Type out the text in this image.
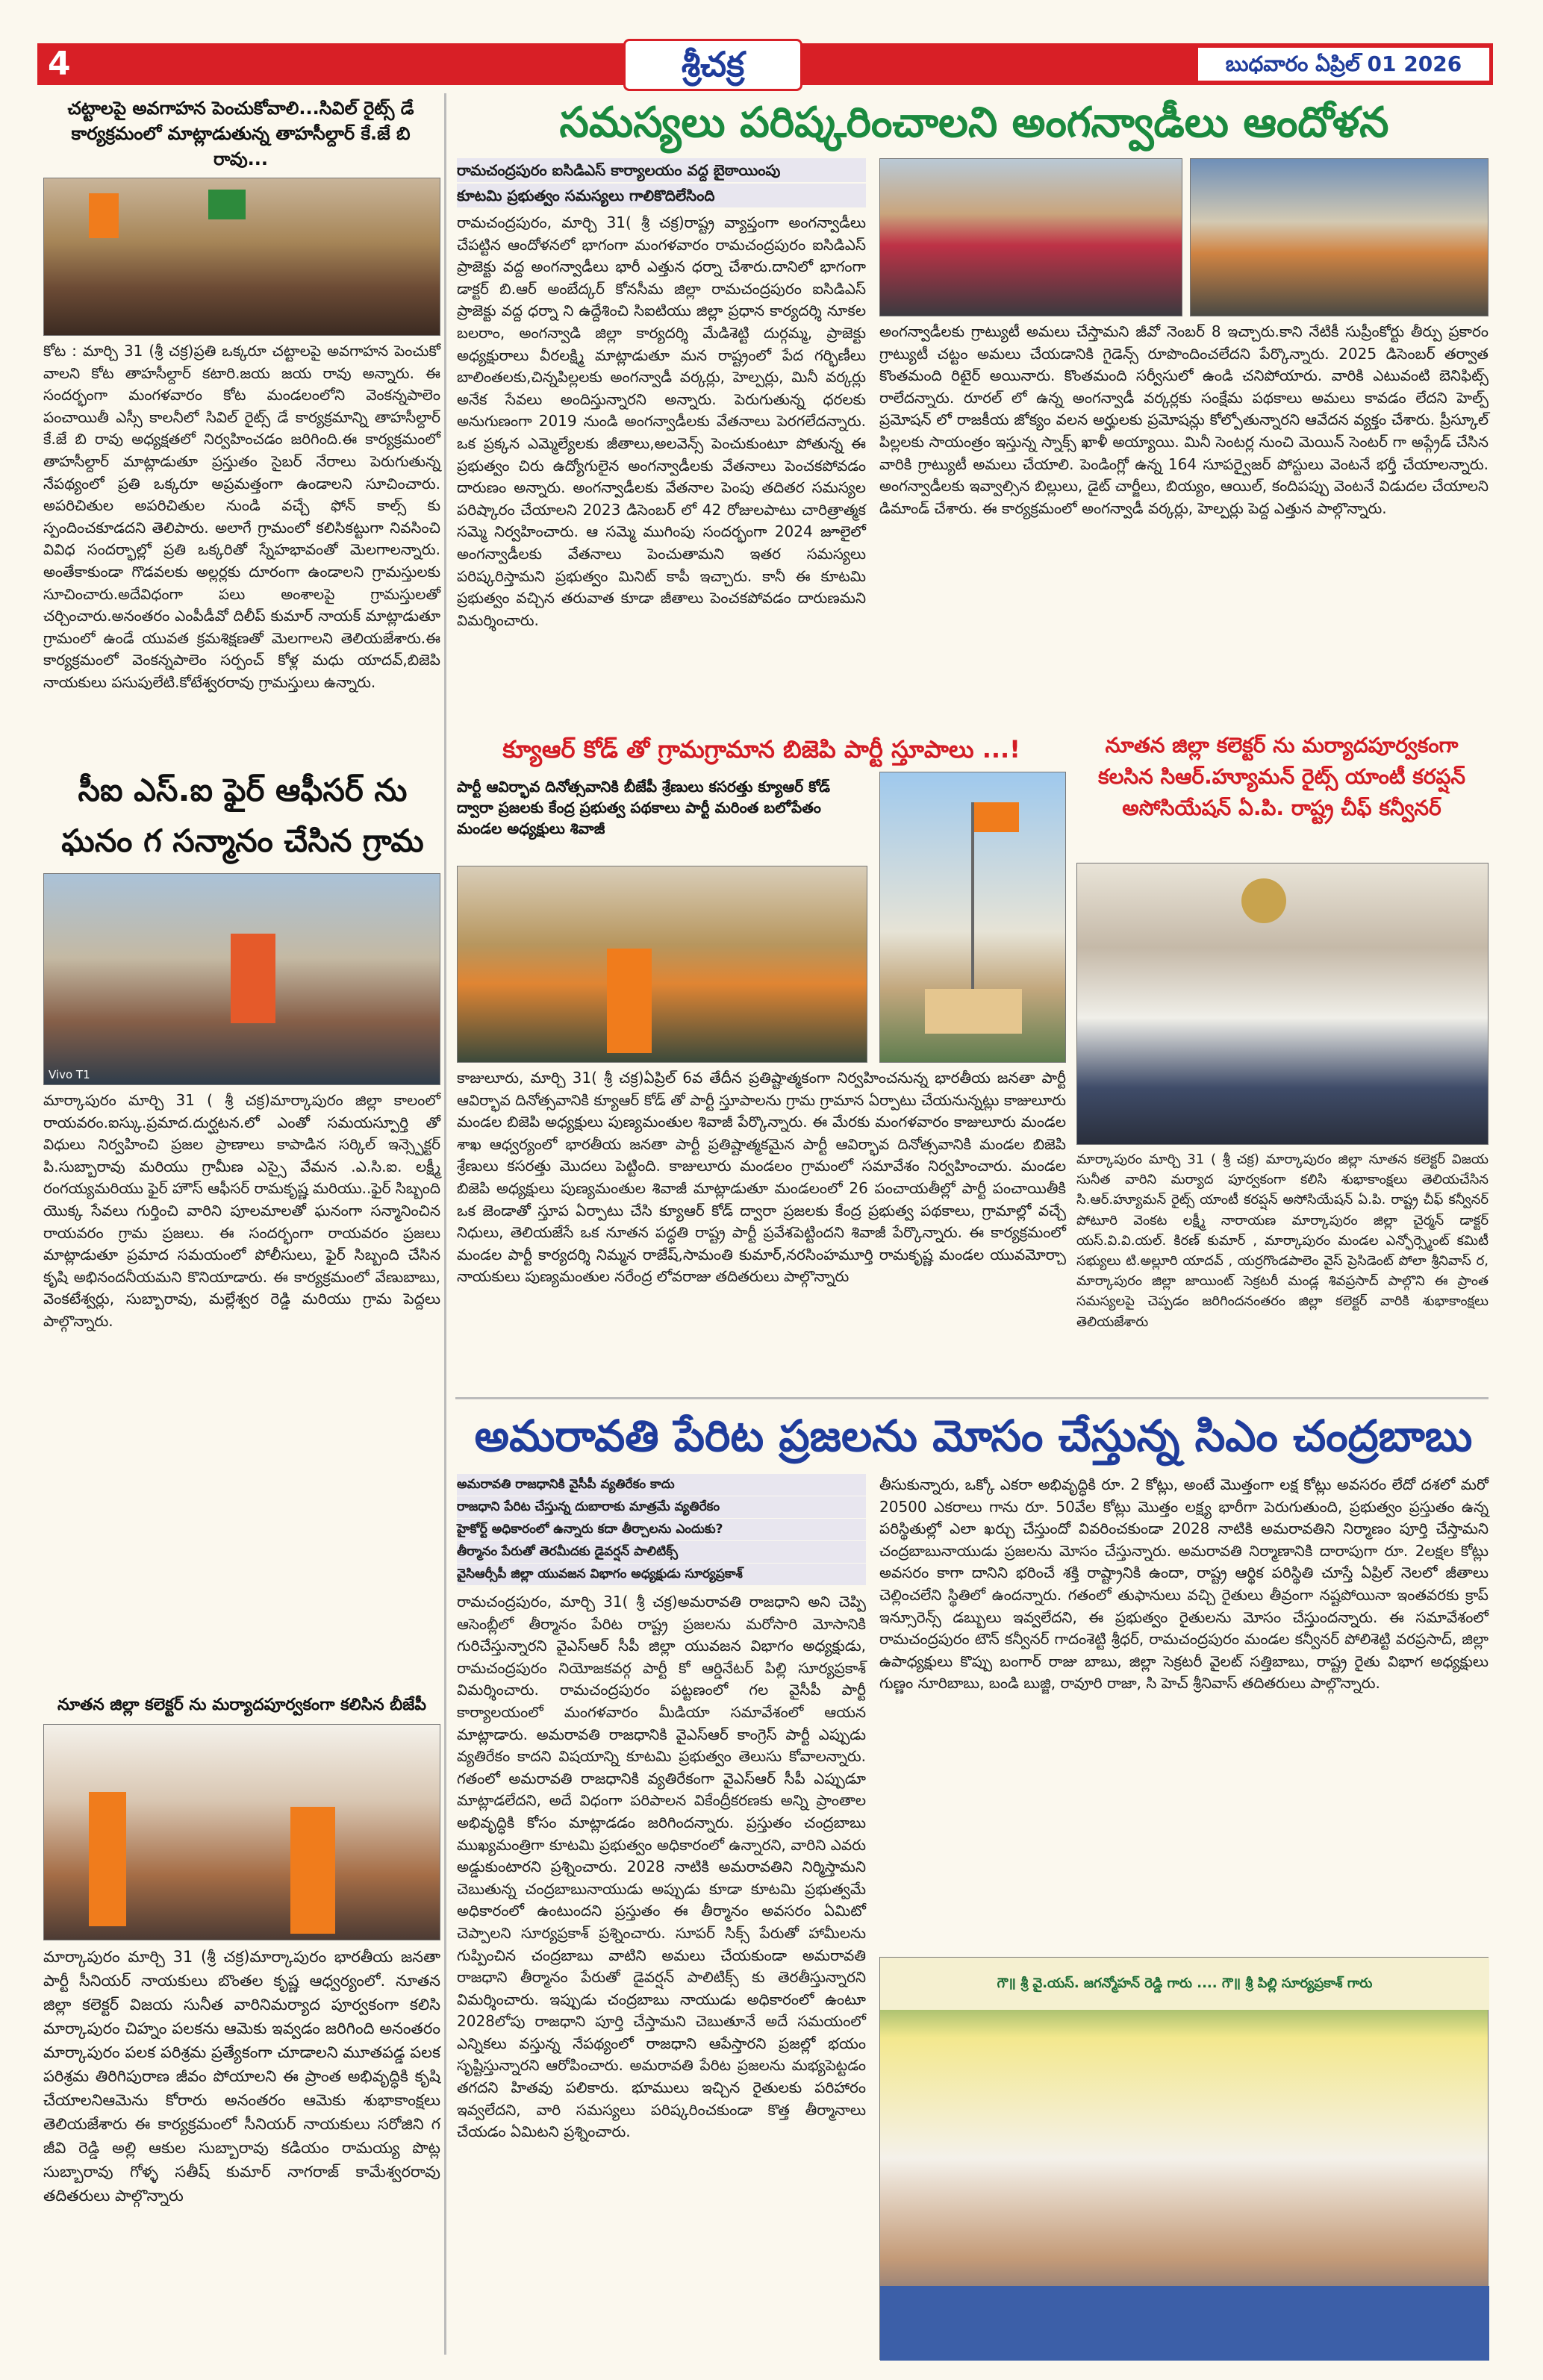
4	శ్రీచక్ర	బుధవారం ఏప్రిల్ 01 2026
చట్టాలపై అవగాహన పెంచుకోవాలి...సివిల్ రైట్స్ డే కార్యక్రమంలో మాట్లాడుతున్న తాహసీల్దార్ కే.జే బి రావు...
కోట : మార్చి 31 (శ్రీ చక్ర)ప్రతి ఒక్కరూ చట్టాలపై అవగాహన పెంచుకో వాలని కోట తాహసీల్దార్ కటారి.జయ జయ రావు అన్నారు. ఈ సందర్భంగా మంగళవారం కోట మండలంలోని వెంకన్నపాలెం పంచాయితీ ఎస్సీ కాలనీలో సివిల్ రైట్స్ డే కార్యక్రమాన్ని తాహసీల్దార్ కే.జే బి రావు అధ్యక్షతలో నిర్వహించడం జరిగింది.ఈ కార్యక్రమంలో తాహసీల్దార్ మాట్లాడుతూ ప్రస్తుతం సైబర్ నేరాలు పెరుగుతున్న నేపథ్యంలో ప్రతి ఒక్కరూ అప్రమత్తంగా ఉండాలని సూచించారు. అపరిచితుల అపరిచితుల నుండి వచ్చే ఫోన్ కాల్స్ కు స్పందించకూడదని తెలిపారు. అలాగే గ్రామంలో కలిసికట్టుగా నివసించి వివిధ సందర్భాల్లో ప్రతి ఒక్కరితో స్నేహభావంతో మెలగాలన్నారు. అంతేకాకుండా గొడవలకు అల్లర్లకు దూరంగా ఉండాలని గ్రామస్తులకు సూచించారు.అదేవిధంగా పలు అంశాలపై గ్రామస్తులతో చర్చించారు.అనంతరం ఎంపీడీవో దిలీప్ కుమార్ నాయక్ మాట్లాడుతూ గ్రామంలో ఉండే యువత క్రమశిక్షణతో మెలగాలని తెలియజేశారు.ఈ కార్యక్రమంలో వెంకన్నపాలెం సర్పంచ్ కోళ్ల మధు యాదవ్,బిజెపి నాయకులు పసుపులేటి.కోటేశ్వరరావు గ్రామస్తులు ఉన్నారు.
సీఐ ఎస్.ఐ ఫైర్ ఆఫీసర్ ను ఘనం గ సన్మానం చేసిన గ్రామ
Vivo T1
మార్కాపురం మార్చి 31 ( శ్రీ చక్ర)మార్కాపురం జిల్లా కాలంలో రాయవరం.ఐస్కు.ప్రమాద.దుర్ఘటన.లో ఎంతో సమయస్పూర్తి తో విధులు నిర్వహించి ప్రజల ప్రాణాలు కాపాడిన సర్కిల్ ఇన్స్పెక్టర్ పి.సుబ్బారావు మరియు గ్రామీణ ఎస్సై వేమన .ఎ.సి.ఐ. లక్ష్మీ రంగయ్యమరియు ఫైర్ హౌస్ ఆఫీసర్ రామకృష్ణ మరియు..ఫైర్ సిబ్బంది యొక్క సేవలు గుర్తించి వారిని పూలమాలతో ఘనంగా సన్మానించిన రాయవరం గ్రామ ప్రజలు. ఈ సందర్భంగా రాయవరం ప్రజలు మాట్లాడుతూ ప్రమాద సమయంలో పోలీసులు, ఫైర్ సిబ్బంది చేసిన కృషి అభినందనీయమని కొనియాడారు. ఈ కార్యక్రమంలో వేణుబాబు, వెంకటేశ్వర్లు, సుబ్బారావు, మల్లేశ్వర రెడ్డి మరియు గ్రామ పెద్దలు పాల్గొన్నారు.
నూతన జిల్లా కలెక్టర్ ను మర్యాదపూర్వకంగా కలిసిన బీజేపీ
మార్కాపురం మార్చి 31 (శ్రీ చక్ర)మార్కాపురం భారతీయ జనతా పార్టీ సీనియర్ నాయకులు బొంతల కృష్ణ ఆధ్వర్యంలో. నూతన జిల్లా కలెక్టర్ విజయ సునీత వారినిమర్యాద పూర్వకంగా కలిసి మార్కాపురం చిహ్నం పలకను ఆమెకు ఇవ్వడం జరిగింది అనంతరం మార్కాపురం పలక పరిశ్రమ ప్రత్యేకంగా చూడాలని మూతపడ్డ పలక పరిశ్రమ తిరిగిపురాణ జీవం పోయాలని ఈ ప్రాంత అభివృద్ధికి కృషి చేయాలనిఆమెను కోరారు అనంతరం ఆమెకు శుభాకాంక్షలు తెలియజేశారు ఈ కార్యక్రమంలో సీనియర్ నాయకులు సరోజిని గ జీవి రెడ్డి అల్లి ఆకుల సుబ్బారావు కడియం రామయ్య పొట్ల సుబ్బారావు గోళ్ళ సతీష్ కుమార్ నాగరాజ్ కామేశ్వరరావు తదితరులు పాల్గొన్నారు
సమస్యలు పరిష్కరించాలని అంగన్వాడీలు ఆందోళన
రామచంద్రపురం ఐసిడిఎస్ కార్యాలయం వద్ద బైఠాయింపు
కూటమి ప్రభుత్వం సమస్యలు గాలికొదిలేసింది
రామచంద్రపురం, మార్చి 31( శ్రీ చక్ర)రాష్ట్ర వ్యాప్తంగా అంగన్వాడీలు చేపట్టిన ఆందోళనలో భాగంగా మంగళవారం రామచంద్రపురం ఐసిడిఎస్ ప్రాజెక్టు వద్ద అంగన్వాడీలు భారీ ఎత్తున ధర్నా చేశారు.దానిలో భాగంగా డాక్టర్ బి.ఆర్ అంబేద్కర్ కోనసీమ జిల్లా రామచంద్రపురం ఐసిడిఎస్ ప్రాజెక్టు వద్ద ధర్నా ని ఉద్దేశించి సిఐటియు జిల్లా ప్రధాన కార్యదర్శి నూకల బలరాం, అంగన్వాడి జిల్లా కార్యదర్శి మేడిశెట్టి దుర్గమ్మ, ప్రాజెక్టు అధ్యక్షురాలు వీరలక్ష్మి మాట్లాడుతూ మన రాష్ట్రంలో పేద గర్భిణీలు బాలింతలకు,చిన్నపిల్లలకు అంగన్వాడీ వర్కర్లు, హెల్పర్లు, మినీ వర్కర్లు అనేక సేవలు అందిస్తున్నారని అన్నారు. పెరుగుతున్న ధరలకు అనుగుణంగా 2019 నుండి అంగన్వాడీలకు వేతనాలు పెరగలేదన్నారు. ఒక ప్రక్కన ఎమ్మెల్యేలకు జీతాలు,అలవెన్స్ పెంచుకుంటూ పోతున్న ఈ ప్రభుత్వం చిరు ఉద్యోగులైన అంగన్వాడీలకు వేతనాలు పెంచకపోవడం దారుణం అన్నారు. అంగన్వాడీలకు వేతనాల పెంపు తదితర సమస్యల పరిష్కారం చేయాలని 2023 డిసెంబర్ లో 42 రోజులపాటు చారిత్రాత్మక సమ్మె నిర్వహించారు. ఆ సమ్మె ముగింపు సందర్భంగా 2024 జూలైలో అంగన్వాడీలకు వేతనాలు పెంచుతామని ఇతర సమస్యలు పరిష్కరిస్తామని ప్రభుత్వం మినిట్ కాపీ ఇచ్చారు. కానీ ఈ కూటమి ప్రభుత్వం వచ్చిన తరువాత కూడా జీతాలు పెంచకపోవడం దారుణమని విమర్శించారు.
అంగన్వాడీలకు గ్రాట్యుటీ అమలు చేస్తామని జీవో నెంబర్ 8 ఇచ్చారు.కాని నేటికీ సుప్రీంకోర్టు తీర్పు ప్రకారం గ్రాట్యుటీ చట్టం అమలు చేయడానికి గైడెన్స్ రూపొందించలేదని పేర్కొన్నారు. 2025 డిసెంబర్ తర్వాత కొంతమంది రిటైర్ అయినారు. కొంతమంది సర్వీసులో ఉండి చనిపోయారు. వారికి ఎటువంటి బెనిఫిట్స్ రాలేదన్నారు. రూరల్ లో ఉన్న అంగన్వాడీ వర్కర్లకు సంక్షేమ పథకాలు అమలు కావడం లేదని హెల్ప్ ప్రమోషన్ లో రాజకీయ జోక్యం వలన అర్హులకు ప్రమోషన్లు కోల్పోతున్నారని ఆవేదన వ్యక్తం చేశారు. ప్రీస్కూల్ పిల్లలకు సాయంత్రం ఇస్తున్న స్నాక్స్ ఖాళీ అయ్యాయి. మినీ సెంటర్ల నుంచి మెయిన్ సెంటర్ గా అప్గ్రేడ్ చేసిన వారికి గ్రాట్యుటీ అమలు చేయాలి. పెండింగ్లో ఉన్న 164 సూపర్వైజర్ పోస్టులు వెంటనే భర్తీ చేయాలన్నారు. అంగన్వాడీలకు ఇవ్వాల్సిన బిల్లులు, డైట్ చార్జీలు, బియ్యం, ఆయిల్, కందిపప్పు వెంటనే విడుదల చేయాలని డిమాండ్ చేశారు. ఈ కార్యక్రమంలో అంగన్వాడీ వర్కర్లు, హెల్పర్లు పెద్ద ఎత్తున పాల్గొన్నారు.
క్యూఆర్ కోడ్ తో గ్రామగ్రామాన బిజెపి పార్టీ స్తూపాలు ...!
పార్టీ ఆవిర్భావ దినోత్సవానికి బీజేపీ శ్రేణులు కసరత్తు క్యూఆర్ కోడ్ ద్వారా ప్రజలకు కేంద్ర ప్రభుత్వ పథకాలు పార్టీ మరింత బలోపేతం మండల అధ్యక్షులు శివాజీ
కాజులూరు, మార్చి 31( శ్రీ చక్ర)ఏప్రిల్ 6వ తేదీన ప్రతిష్టాత్మకంగా నిర్వహించనున్న భారతీయ జనతా పార్టీ ఆవిర్భావ దినోత్సవానికి క్యూఆర్ కోడ్ తో పార్టీ స్తూపాలను గ్రామ గ్రామాన ఏర్పాటు చేయనున్నట్లు కాజులూరు మండల బిజెపి అధ్యక్షులు పుణ్యమంతుల శివాజీ పేర్కొన్నారు. ఈ మేరకు మంగళవారం కాజులూరు మండల శాఖ ఆధ్వర్యంలో భారతీయ జనతా పార్టీ ప్రతిష్టాత్మకమైన పార్టీ ఆవిర్భావ దినోత్సవానికి మండల బిజెపి శ్రేణులు కసరత్తు మొదలు పెట్టింది. కాజులూరు మండలం గ్రామంలో సమావేశం నిర్వహించారు. మండల బిజెపి అధ్యక్షులు పుణ్యమంతుల శివాజీ మాట్లాడుతూ మండలంలో 26 పంచాయతీల్లో పార్టీ పంచాయితీకి ఒక జెండాతో స్తూప ఏర్పాటు చేసి క్యూఆర్ కోడ్ ద్వారా ప్రజలకు కేంద్ర ప్రభుత్వ పథకాలు, గ్రామాల్లో వచ్చే నిధులు, తెలియజేసే ఒక నూతన పద్ధతి రాష్ట్ర పార్టీ ప్రవేశపెట్టిందని శివాజీ పేర్కొన్నారు. ఈ కార్యక్రమంలో మండల పార్టీ కార్యదర్శి నిమ్మన రాజేష్,సామంతి కుమార్,నరసింహమూర్తి రామకృష్ణ మండల యువమోర్చా నాయకులు పుణ్యమంతుల నరేంద్ర లోవరాజు తదితరులు పాల్గొన్నారు
నూతన జిల్లా కలెక్టర్ ను మర్యాదపూర్వకంగా కలసిన సిఆర్.హ్యూమన్ రైట్స్ యాంటీ కరప్షన్ అసోసియేషన్ ఏ.పి. రాష్ట్ర చీఫ్ కన్వీనర్
మార్కాపురం మార్చి 31 ( శ్రీ చక్ర) మార్కాపురం జిల్లా నూతన కలెక్టర్ విజయ సునీత వారిని మర్యాద పూర్వకంగా కలిసి శుభాకాంక్షలు తెలియచేసిన సి.ఆర్.హ్యూమన్ రైట్స్ యాంటీ కరప్షన్ అసోసియేషన్ ఏ.పి. రాష్ట్ర చీఫ్ కన్వీనర్ పోటూరి వెంకట లక్ష్మీ నారాయణ మార్కాపురం జిల్లా చైర్మన్ డాక్టర్ యస్.వి.వి.యల్. కిరణ్ కుమార్ , మార్కాపురం మండల ఎన్ఫోర్స్మెంట్ కమిటీ సభ్యులు టి.అల్లూరి యాదవ్ , యర్రగొండపాలెం వైస్ ప్రెసిడెంట్ పోలా శ్రీనివాస్ ర, మార్కాపురం జిల్లా జాయింట్ సెక్రటరీ మండ్ల శివప్రసాద్ పాల్గొని ఈ ప్రాంత సమస్యలపై చెప్పడం జరిగిందనంతరం జిల్లా కలెక్టర్ వారికి శుభాకాంక్షలు తెలియజేశారు
అమరావతి పేరిట ప్రజలను మోసం చేస్తున్న సిఎం చంద్రబాబు
అమరావతి రాజధానికి వైసీపీ వ్యతిరేకం కాదు
రాజధాని పేరిట చేస్తున్న దుబారాకు మాత్రమే వ్యతిరేకం
హైకోర్ట్ అధికారంలో ఉన్నారు కదా తీర్చాలను ఎందుకు?
తీర్మానం పేరుతో తెరమీదకు డైవర్షన్ పాలిటిక్స్
వైసిఆర్సీపీ జిల్లా యువజన విభాగం అధ్యక్షుడు సూర్యప్రకాశ్
రామచంద్రపురం, మార్చి 31( శ్రీ చక్ర)అమరావతి రాజధాని అని చెప్పి ఆసెంబ్లీలో తీర్మానం పేరిట రాష్ట్ర ప్రజలను మరోసారి మోసానికి గురిచేస్తున్నారని వైఎస్ఆర్ సీపీ జిల్లా యువజన విభాగం అధ్యక్షుడు, రామచంద్రపురం నియోజకవర్గ పార్టీ కో ఆర్డినేటర్ పిల్లి సూర్యప్రకాశ్ విమర్శించారు. రామచంద్రపురం పట్టణంలో గల వైసీపీ పార్టీ కార్యాలయంలో మంగళవారం మీడియా సమావేశంలో ఆయన మాట్లాడారు. అమరావతి రాజధానికి వైఎస్ఆర్ కాంగ్రెస్ పార్టీ ఎప్పుడు వ్యతిరేకం కాదని విషయాన్ని కూటమి ప్రభుత్వం తెలుసు కోవాలన్నారు. గతంలో అమరావతి రాజధానికి వ్యతిరేకంగా వైఎస్ఆర్ సీపీ ఎప్పుడూ మాట్లాడలేదని, అదే విధంగా పరిపాలన వికేంద్రీకరణకు అన్ని ప్రాంతాల అభివృద్ధికి కోసం మాట్లాడడం జరిగిందన్నారు. ప్రస్తుతం చంద్రబాబు ముఖ్యమంత్రిగా కూటమి ప్రభుత్వం అధికారంలో ఉన్నారని, వారిని ఎవరు అడ్డుకుంటారని ప్రశ్నించారు. 2028 నాటికి అమరావతిని నిర్మిస్తామని చెబుతున్న చంద్రబాబునాయుడు అప్పుడు కూడా కూటమి ప్రభుత్వమే అధికారంలో ఉంటుందని ప్రస్తుతం ఈ తీర్మానం అవసరం ఏమిటో చెప్పాలని సూర్యప్రకాశ్ ప్రశ్నించారు. సూపర్ సిక్స్ పేరుతో హామీలను గుప్పించిన చంద్రబాబు వాటిని అమలు చేయకుండా అమరావతి రాజధాని తీర్మానం పేరుతో డైవర్షన్ పాలిటిక్స్ కు తెరతీస్తున్నారని విమర్శించారు. ఇప్పుడు చంద్రబాబు నాయుడు అధికారంలో ఉంటూ 2028లోపు రాజధాని పూర్తి చేస్తామని చెబుతూనే అదే సమయంలో ఎన్నికలు వస్తున్న నేపథ్యంలో రాజధాని ఆపేస్తారని ప్రజల్లో భయం సృష్టిస్తున్నారని ఆరోపించారు. అమరావతి పేరిట ప్రజలను మభ్యపెట్టడం తగదని హితవు పలికారు. భూములు ఇచ్చిన రైతులకు పరిహారం ఇవ్వలేదని, వారి సమస్యలు పరిష్కరించకుండా కొత్త తీర్మానాలు చేయడం ఏమిటని ప్రశ్నించారు.
తీసుకున్నారు, ఒక్కో ఎకరా అభివృద్ధికి రూ. 2 కోట్లు, అంటే మొత్తంగా లక్ష కోట్లు అవసరం లేదో దశలో మరో 20500 ఎకరాలు గాను రూ. 50వేల కోట్లు మొత్తం లక్ష్య భారీగా పెరుగుతుంది, ప్రభుత్వం ప్రస్తుతం ఉన్న పరిస్థితుల్లో ఎలా ఖర్చు చేస్తుందో వివరించకుండా 2028 నాటికి అమరావతిని నిర్మాణం పూర్తి చేస్తామని చంద్రబాబునాయుడు ప్రజలను మోసం చేస్తున్నారు. అమరావతి నిర్మాణానికి దారాపుగా రూ. 2లక్షల కోట్లు అవసరం కాగా దానిని భరించే శక్తి రాష్ట్రానికి ఉందా, రాష్ట్ర ఆర్థిక పరిస్థితి చూస్తే ఏప్రిల్ నెలలో జీతాలు చెల్లించలేని స్థితిలో ఉందన్నారు. గతంలో తుఫానులు వచ్చి రైతులు తీవ్రంగా నష్టపోయినా ఇంతవరకు క్రాప్ ఇన్సూరెన్స్ డబ్బులు ఇవ్వలేదని, ఈ ప్రభుత్వం రైతులను మోసం చేస్తుందన్నారు. ఈ సమావేశంలో రామచంద్రపురం టౌన్ కన్వీనర్ గాదంశెట్టి శ్రీధర్, రామచంద్రపురం మండల కన్వీనర్ పోలిశెట్టి వరప్రసాద్, జిల్లా ఉపాధ్యక్షులు కొప్పు బంగార్ రాజు బాబు, జిల్లా సెక్రటరీ వైలట్ సత్తిబాబు, రాష్ట్ర రైతు విభాగ అధ్యక్షులు గుణ్ణం నూరిబాబు, బండి బుజ్జి, రావూరి రాజా, సి హెచ్ శ్రీనివాస్ తదితరులు పాల్గొన్నారు.
గౌ॥ శ్రీ వై.యస్. జగన్మోహన్ రెడ్డి గారు .... గౌ॥ శ్రీ పిల్లి సూర్యప్రకాశ్ గారు
